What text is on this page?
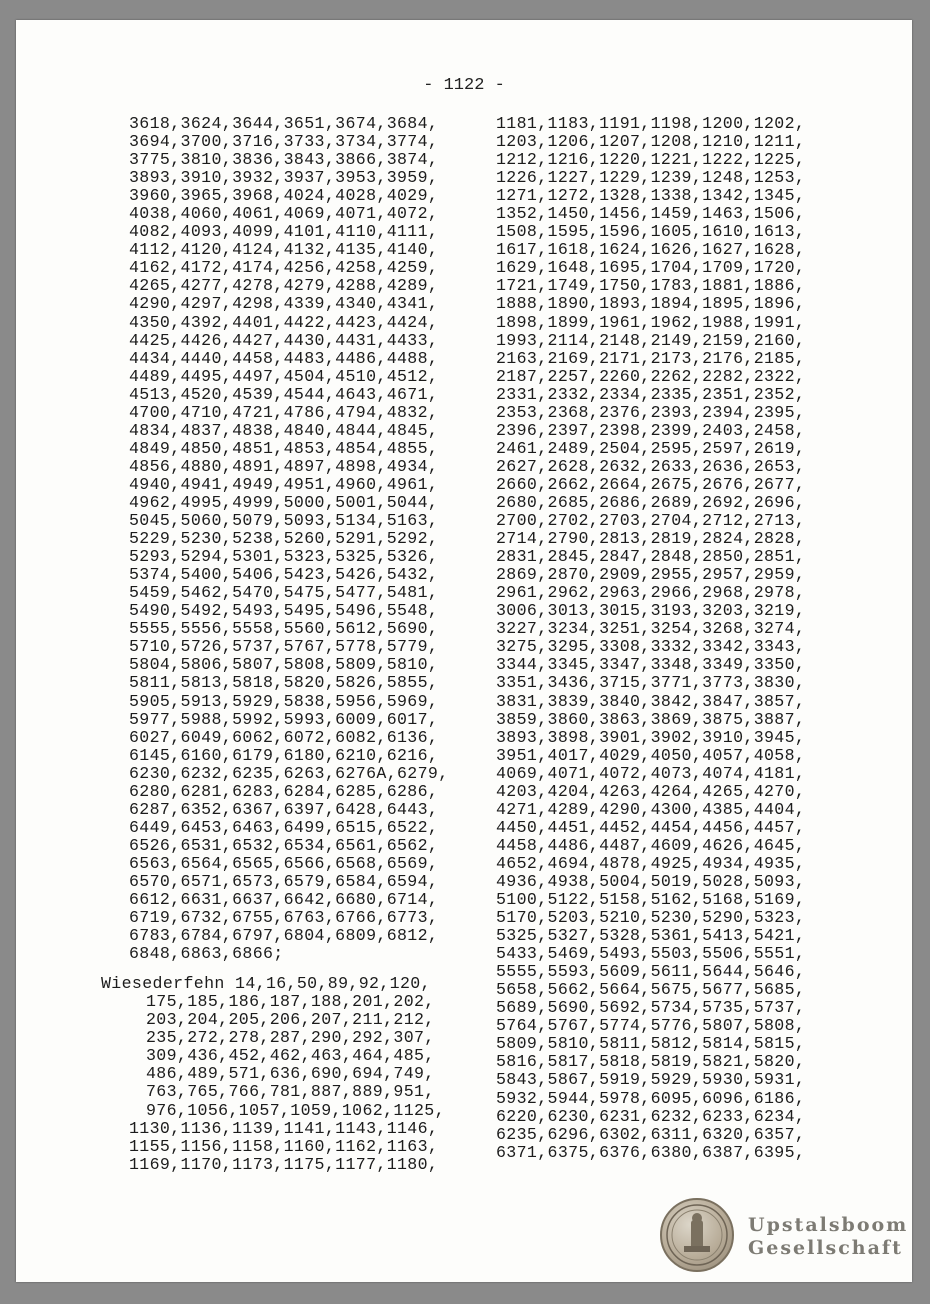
- 1122 -
3618,3624,3644,3651,3674,3684,
3694,3700,3716,3733,3734,3774,
3775,3810,3836,3843,3866,3874,
3893,3910,3932,3937,3953,3959,
3960,3965,3968,4024,4028,4029,
4038,4060,4061,4069,4071,4072,
4082,4093,4099,4101,4110,4111,
4112,4120,4124,4132,4135,4140,
4162,4172,4174,4256,4258,4259,
4265,4277,4278,4279,4288,4289,
4290,4297,4298,4339,4340,4341,
4350,4392,4401,4422,4423,4424,
4425,4426,4427,4430,4431,4433,
4434,4440,4458,4483,4486,4488,
4489,4495,4497,4504,4510,4512,
4513,4520,4539,4544,4643,4671,
4700,4710,4721,4786,4794,4832,
4834,4837,4838,4840,4844,4845,
4849,4850,4851,4853,4854,4855,
4856,4880,4891,4897,4898,4934,
4940,4941,4949,4951,4960,4961,
4962,4995,4999,5000,5001,5044,
5045,5060,5079,5093,5134,5163,
5229,5230,5238,5260,5291,5292,
5293,5294,5301,5323,5325,5326,
5374,5400,5406,5423,5426,5432,
5459,5462,5470,5475,5477,5481,
5490,5492,5493,5495,5496,5548,
5555,5556,5558,5560,5612,5690,
5710,5726,5737,5767,5778,5779,
5804,5806,5807,5808,5809,5810,
5811,5813,5818,5820,5826,5855,
5905,5913,5929,5838,5956,5969,
5977,5988,5992,5993,6009,6017,
6027,6049,6062,6072,6082,6136,
6145,6160,6179,6180,6210,6216,
6230,6232,6235,6263,6276A,6279,
6280,6281,6283,6284,6285,6286,
6287,6352,6367,6397,6428,6443,
6449,6453,6463,6499,6515,6522,
6526,6531,6532,6534,6561,6562,
6563,6564,6565,6566,6568,6569,
6570,6571,6573,6579,6584,6594,
6612,6631,6637,6642,6680,6714,
6719,6732,6755,6763,6766,6773,
6783,6784,6797,6804,6809,6812,
6848,6863,6866;
Wiesederfehn 14,16,50,89,92,120,
175,185,186,187,188,201,202,
203,204,205,206,207,211,212,
235,272,278,287,290,292,307,
309,436,452,462,463,464,485,
486,489,571,636,690,694,749,
763,765,766,781,887,889,951,
976,1056,1057,1059,1062,1125,
1130,1136,1139,1141,1143,1146,
1155,1156,1158,1160,1162,1163,
1169,1170,1173,1175,1177,1180,
1181,1183,1191,1198,1200,1202,
1203,1206,1207,1208,1210,1211,
1212,1216,1220,1221,1222,1225,
1226,1227,1229,1239,1248,1253,
1271,1272,1328,1338,1342,1345,
1352,1450,1456,1459,1463,1506,
1508,1595,1596,1605,1610,1613,
1617,1618,1624,1626,1627,1628,
1629,1648,1695,1704,1709,1720,
1721,1749,1750,1783,1881,1886,
1888,1890,1893,1894,1895,1896,
1898,1899,1961,1962,1988,1991,
1993,2114,2148,2149,2159,2160,
2163,2169,2171,2173,2176,2185,
2187,2257,2260,2262,2282,2322,
2331,2332,2334,2335,2351,2352,
2353,2368,2376,2393,2394,2395,
2396,2397,2398,2399,2403,2458,
2461,2489,2504,2595,2597,2619,
2627,2628,2632,2633,2636,2653,
2660,2662,2664,2675,2676,2677,
2680,2685,2686,2689,2692,2696,
2700,2702,2703,2704,2712,2713,
2714,2790,2813,2819,2824,2828,
2831,2845,2847,2848,2850,2851,
2869,2870,2909,2955,2957,2959,
2961,2962,2963,2966,2968,2978,
3006,3013,3015,3193,3203,3219,
3227,3234,3251,3254,3268,3274,
3275,3295,3308,3332,3342,3343,
3344,3345,3347,3348,3349,3350,
3351,3436,3715,3771,3773,3830,
3831,3839,3840,3842,3847,3857,
3859,3860,3863,3869,3875,3887,
3893,3898,3901,3902,3910,3945,
3951,4017,4029,4050,4057,4058,
4069,4071,4072,4073,4074,4181,
4203,4204,4263,4264,4265,4270,
4271,4289,4290,4300,4385,4404,
4450,4451,4452,4454,4456,4457,
4458,4486,4487,4609,4626,4645,
4652,4694,4878,4925,4934,4935,
4936,4938,5004,5019,5028,5093,
5100,5122,5158,5162,5168,5169,
5170,5203,5210,5230,5290,5323,
5325,5327,5328,5361,5413,5421,
5433,5469,5493,5503,5506,5551,
5555,5593,5609,5611,5644,5646,
5658,5662,5664,5675,5677,5685,
5689,5690,5692,5734,5735,5737,
5764,5767,5774,5776,5807,5808,
5809,5810,5811,5812,5814,5815,
5816,5817,5818,5819,5821,5820,
5843,5867,5919,5929,5930,5931,
5932,5944,5978,6095,6096,6186,
6220,6230,6231,6232,6233,6234,
6235,6296,6302,6311,6320,6357,
6371,6375,6376,6380,6387,6395,
Upstalsboom
Gesellschaft
